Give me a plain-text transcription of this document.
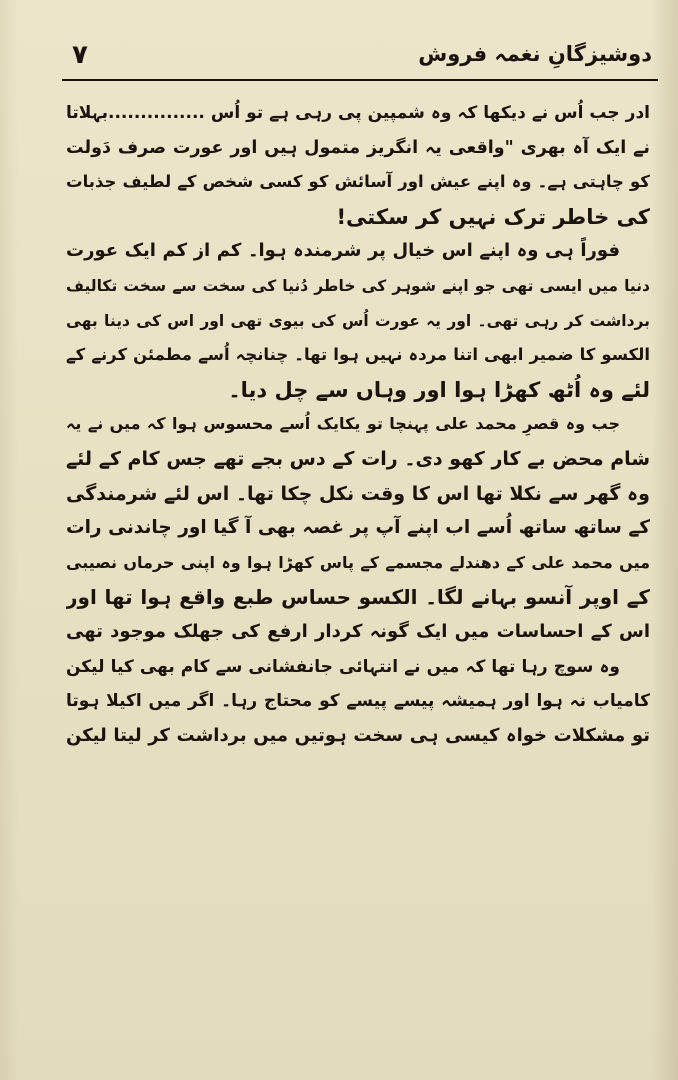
دوشیزگانِ نغمہ فروش
۷
ادر جب اُس نے دیکھا کہ وہ شمپین پی رہی ہے تو اُس ...............بہلاتا
نے ایک آہ بھری "واقعی یہ انگریز متمول ہیں اور عورت صرف دَولت
کو چاہتی ہے۔ وہ اپنے عیش اور آسائش کو کسی شخص کے لطیف جذبات
کی خاطر ترک نہیں کر سکتی!
فوراً ہی وہ اپنے اس خیال پر شرمندہ ہوا۔ کم از کم ایک عورت
دنیا میں ایسی تھی جو اپنے شوہر کی خاطر دُنیا کی سخت سے سخت تکالیف
برداشت کر رہی تھی۔ اور یہ عورت اُس کی بیوی تھی اور اس کی دینا بھی
الکسو کا ضمیر ابھی اتنا مردہ نہیں ہوا تھا۔ چنانچہ اُسے مطمئن کرنے کے
لئے وہ اُٹھ کھڑا ہوا اور وہاں سے چل دیا۔
جب وہ قصرِ محمد علی پہنچا تو یکایک اُسے محسوس ہوا کہ میں نے یہ
شام محض بے کار کھو دی۔ رات کے دس بجے تھے جس کام کے لئے
وہ گھر سے نکلا تھا اس کا وقت نکل چکا تھا۔ اس لئے شرمندگی
کے ساتھ ساتھ اُسے اب اپنے آپ پر غصہ بھی آ گیا اور چاندنی رات
میں محمد علی کے دھندلے مجسمے کے پاس کھڑا ہوا وہ اپنی حرماں نصیبی
کے اوپر آنسو بہانے لگا۔ الکسو حساس طبع واقع ہوا تھا اور
اس کے احساسات میں ایک گونہ کردار ارفع کی جھلک موجود تھی
وہ سوچ رہا تھا کہ میں نے انتہائی جانفشانی سے کام بھی کیا لیکن
کامیاب نہ ہوا اور ہمیشہ پیسے پیسے کو محتاج رہا۔ اگر میں اکیلا ہوتا
تو مشکلات خواہ کیسی ہی سخت ہوتیں میں برداشت کر لیتا لیکن
